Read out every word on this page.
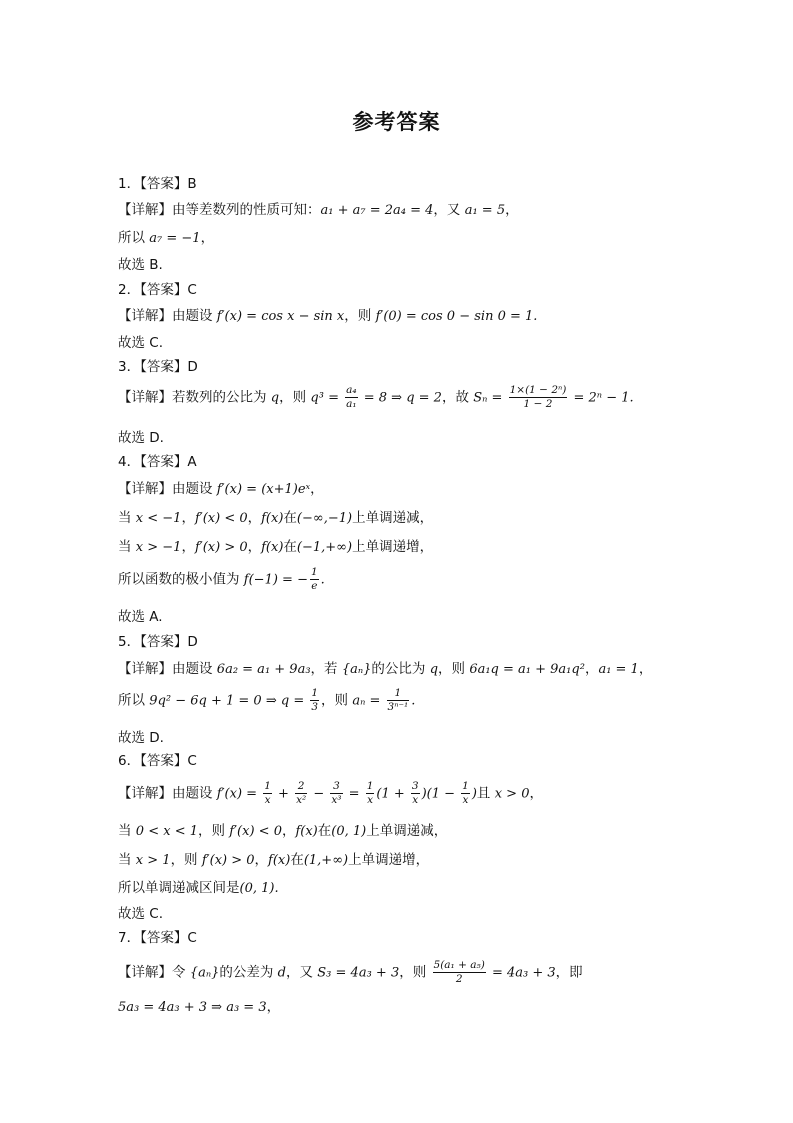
参考答案
1．【答案】B
【详解】由等差数列的性质可知：a₁ + a₇ = 2a₄ = 4，又 a₁ = 5，
所以 a₇ = −1，
故选 B.
2．【答案】C
【详解】由题设 f′(x) = cos x − sin x，则 f′(0) = cos 0 − sin 0 = 1.
故选 C.
3．【答案】D
【详解】若数列的公比为 q，则 $q^3 = \frac{\text{a₄}}{\text{a₁}} = 8$ ⇒ q = 2，故 $S_n = \frac{\text{1×(1 − 2ⁿ)}}{1 - 2} = 2^n - 1$.
故选 D.
4．【答案】A
【详解】由题设 f′(x) = (x+1)eˣ，
当 x < −1，f′(x) < 0，f(x)在(−∞,−1)上单调递减，
当 x > −1，f′(x) > 0，f(x)在(−1,+∞)上单调递增，
所以函数的极小值为 f(−1) = − $\frac{1}{e}$ .
故选 A.
5．【答案】D
【详解】由题设 6a₂ = a₁ + 9a₃，若 {aₙ}的公比为 q，则 6a₁q = a₁ + 9a₁q²，a₁ = 1，
所以 9q² − 6q + 1 = 0 ⇒ $q = \frac{1}{3}$ ，则 $a_n = \frac{1}{\text{3ⁿ⁻¹}}$ .
故选 D.
6．【答案】C
【详解】由题设 $f'(x) = \frac{1}{x} + \frac{2}{\text{x²}} - \frac{3}{\text{x³}} = \frac{1}{x} (1 + \frac{3}{x} )(1 - \frac{1}{x}$ )且 x > 0，
当 0 < x < 1，则 f′(x) < 0，f(x)在(0, 1)上单调递减，
当 x > 1，则 f′(x) > 0，f(x)在(1,+∞)上单调递增，
所以单调递减区间是(0, 1).
故选 C.
7．【答案】C
【详解】令 {aₙ}的公差为 d，又 S₃ = 4a₃ + 3，则 $\frac{\text{5(a₁ + a₅)}}{2} = 4a_3 + 3$，即
5a₃ = 4a₃ + 3 ⇒ a₃ = 3，
